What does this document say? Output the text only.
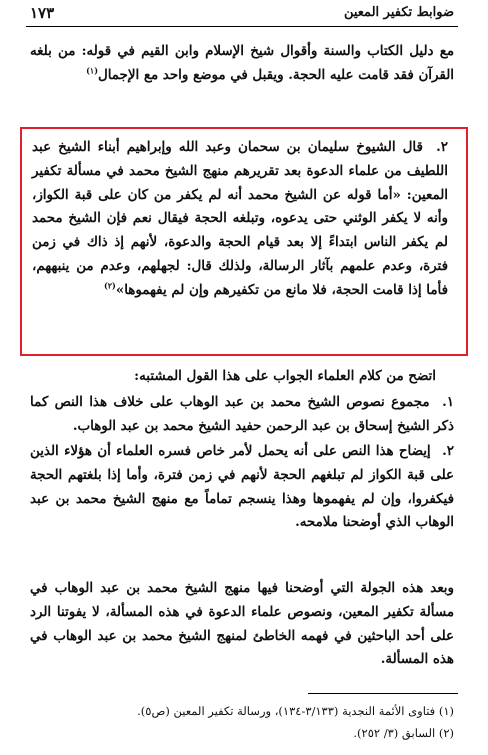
ضوابط تكفير المعين
١٧٣
مع دليل الكتاب والسنة وأقوال شيخ الإسلام وابن القيم في قوله: من بلغه القرآن فقد قامت عليه الحجة. ويقبل في موضع واحد مع الإجمال$^{(١)}$
٢. قال الشيوخ سليمان بن سحمان وعبد الله وإبراهيم أبناء الشيخ عبد اللطيف من علماء الدعوة بعد تقريرهم منهج الشيخ محمد في مسألة تكفير المعين: «أما قوله عن الشيخ محمد أنه لم يكفر من كان على قبة الكواز، وأنه لا يكفر الوثني حتى يدعوه، وتبلغه الحجة فيقال نعم فإن الشيخ محمد لم يكفر الناس ابتداءً إلا بعد قيام الحجة والدعوة، لأنهم إذ ذاك في زمن فترة، وعدم علمهم بآثار الرسالة، ولذلك قال: لجهلهم، وعدم من ينبههم، فأما إذا قامت الحجة، فلا مانع من تكفيرهم وإن لم يفهموها»$^{(٢)}$
اتضح من كلام العلماء الجواب على هذا القول المشتبه:
١. مجموع نصوص الشيخ محمد بن عبد الوهاب على خلاف هذا النص كما ذكر الشيخ إسحاق بن عبد الرحمن حفيد الشيخ محمد بن عبد الوهاب.
٢. إيضاح هذا النص على أنه يحمل لأمر خاص فسره العلماء أن هؤلاء الذين على قبة الكواز لم تبلغهم الحجة لأنهم في زمن فترة، وأما إذا بلغتهم الحجة فيكفروا، وإن لم يفهموها وهذا ينسجم تماماً مع منهج الشيخ محمد بن عبد الوهاب الذي أوضحنا ملامحه.
وبعد هذه الجولة التي أوضحنا فيها منهج الشيخ محمد بن عبد الوهاب في مسألة تكفير المعين، ونصوص علماء الدعوة في هذه المسألة، لا يفوتنا الرد على أحد الباحثين في فهمه الخاطئ لمنهج الشيخ محمد بن عبد الوهاب في هذه المسألة.
(١) فتاوى الأئمة النجدية (٣/١٣٣-١٣٤)، ورسالة تكفير المعين (ص٥).
(٢) السابق (٣/ ٢٥٢).
